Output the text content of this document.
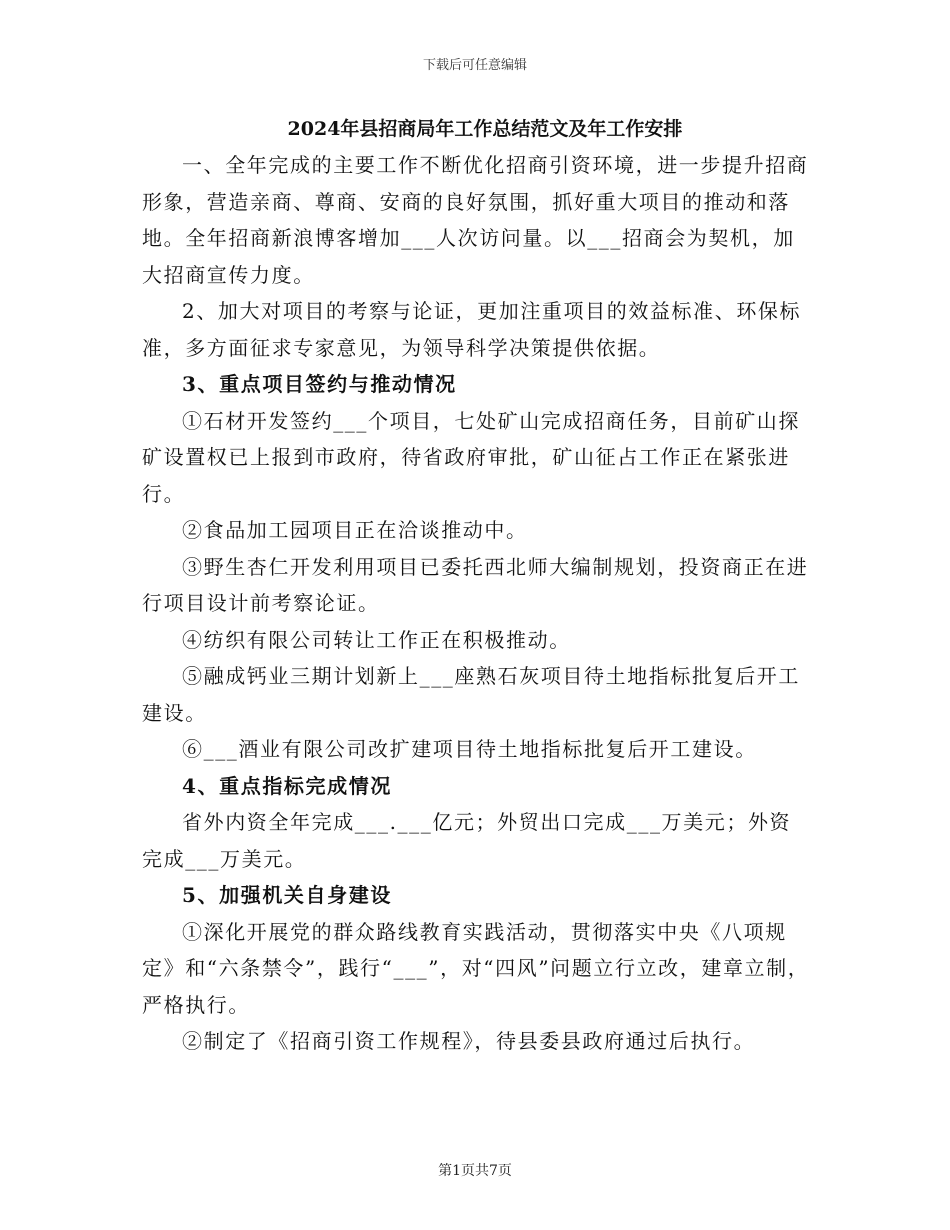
下载后可任意编辑
2024年县招商局年工作总结范文及年工作安排

一、全年完成的主要工作不断优化招商引资环境，进一步提升招商形象，营造亲商、尊商、安商的良好氛围，抓好重大项目的推动和落地。全年招商新浪博客增加___人次访问量。以___招商会为契机，加大招商宣传力度。

2、加大对项目的考察与论证，更加注重项目的效益标准、环保标准，多方面征求专家意见，为领导科学决策提供依据。

3、重点项目签约与推动情况

①石材开发签约___个项目，七处矿山完成招商任务，目前矿山探矿设置权已上报到市政府，待省政府审批，矿山征占工作正在紧张进行。

②食品加工园项目正在洽谈推动中。

③野生杏仁开发利用项目已委托西北师大编制规划，投资商正在进行项目设计前考察论证。

④纺织有限公司转让工作正在积极推动。

⑤融成钙业三期计划新上___座熟石灰项目待土地指标批复后开工建设。

⑥___酒业有限公司改扩建项目待土地指标批复后开工建设。

4、重点指标完成情况

省外内资全年完成___.___亿元；外贸出口完成___万美元；外资完成___万美元。

5、加强机关自身建设

①深化开展党的群众路线教育实践活动，贯彻落实中央《八项规定》和“六条禁令”，践行“___”，对“四风”问题立行立改，建章立制，严格执行。

②制定了《招商引资工作规程》，待县委县政府通过后执行。

第1页共7页
